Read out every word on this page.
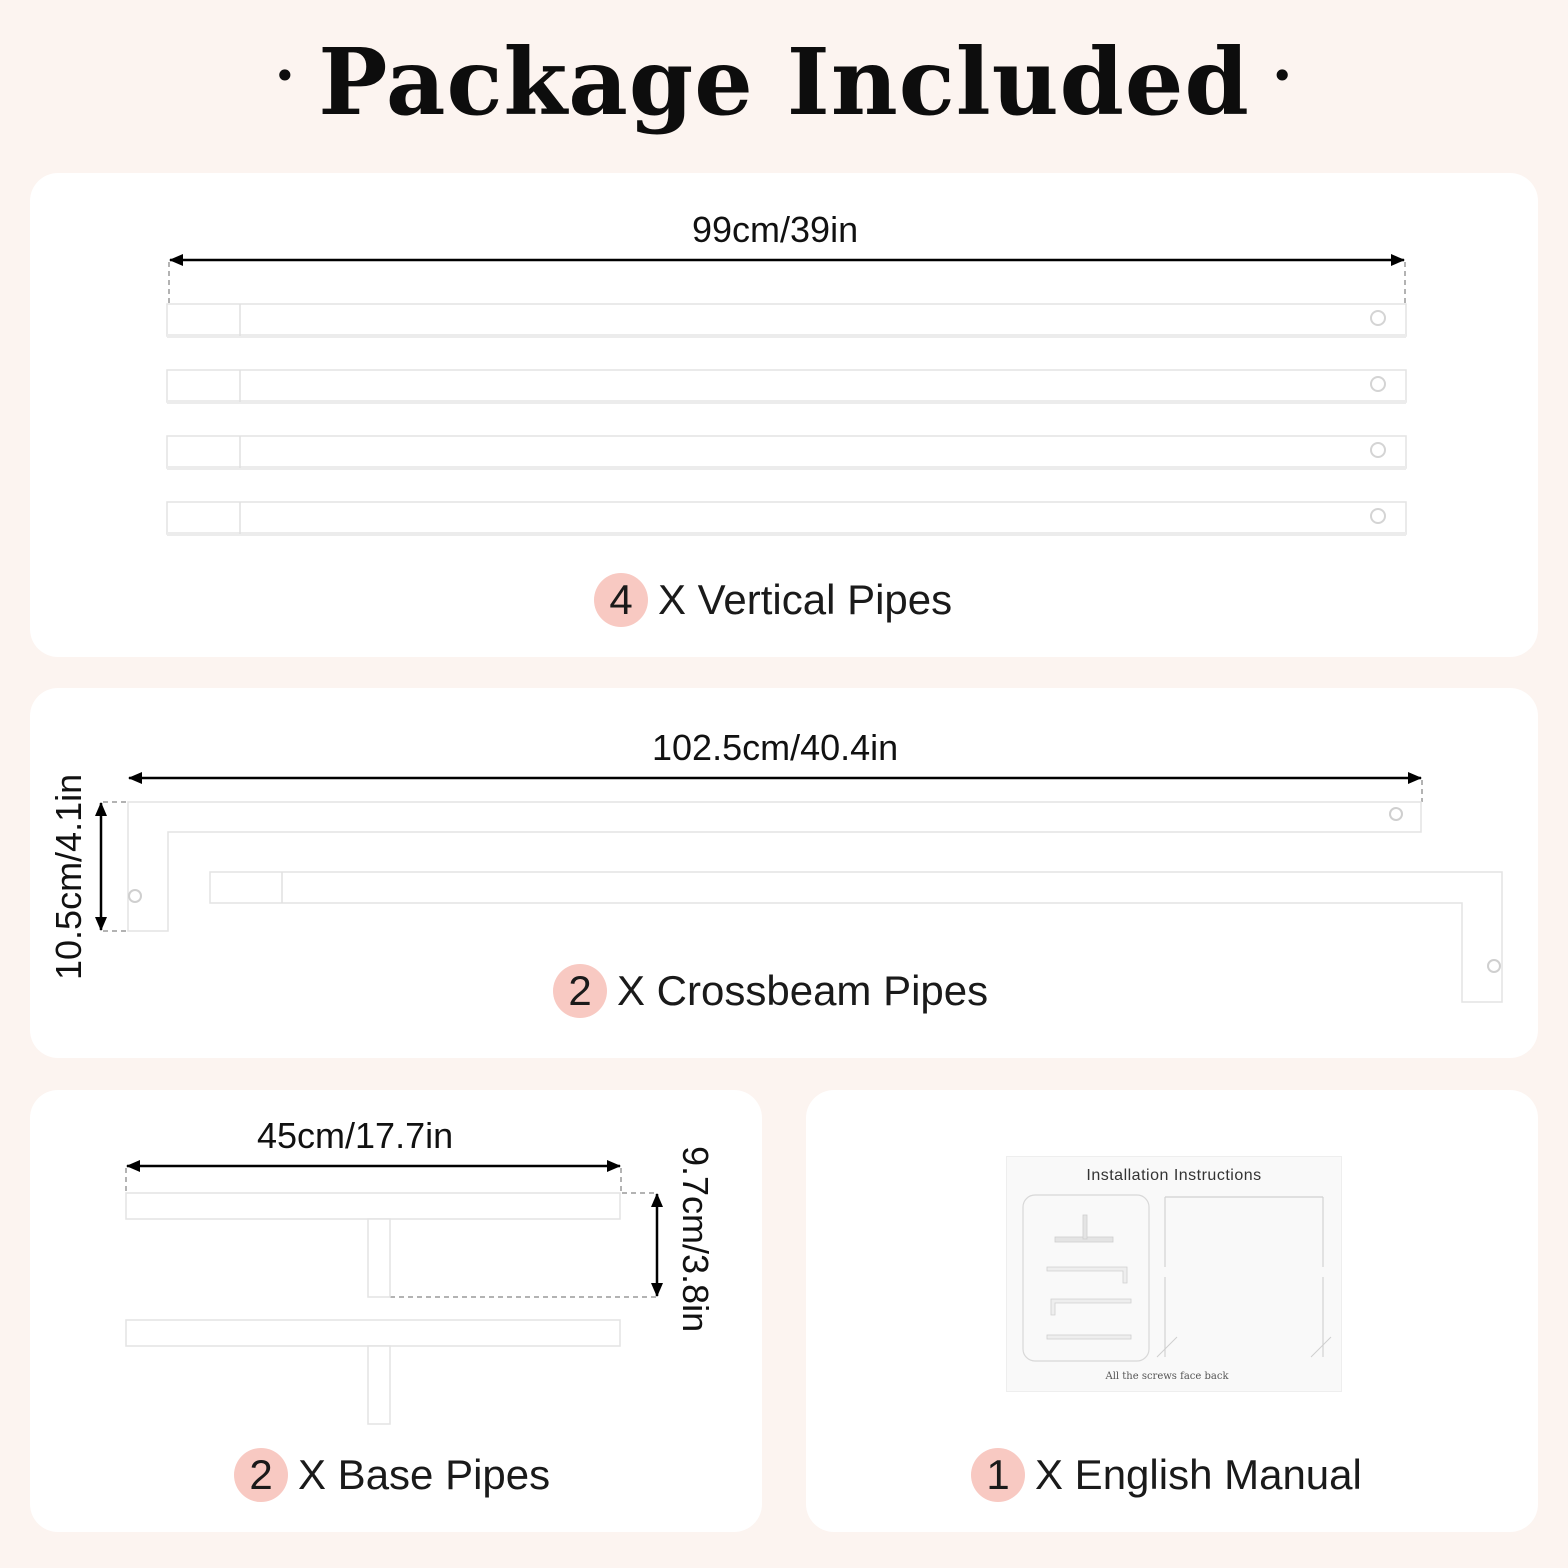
· Package Included ·
99cm/39in
102.5cm/40.4in
10.5cm/4.1in
45cm/17.7in
9.7cm/3.8in
4 X Vertical Pipes
2 X Crossbeam Pipes
2 X Base Pipes	1 X English Manual
Installation Instructions
All the screws face back
